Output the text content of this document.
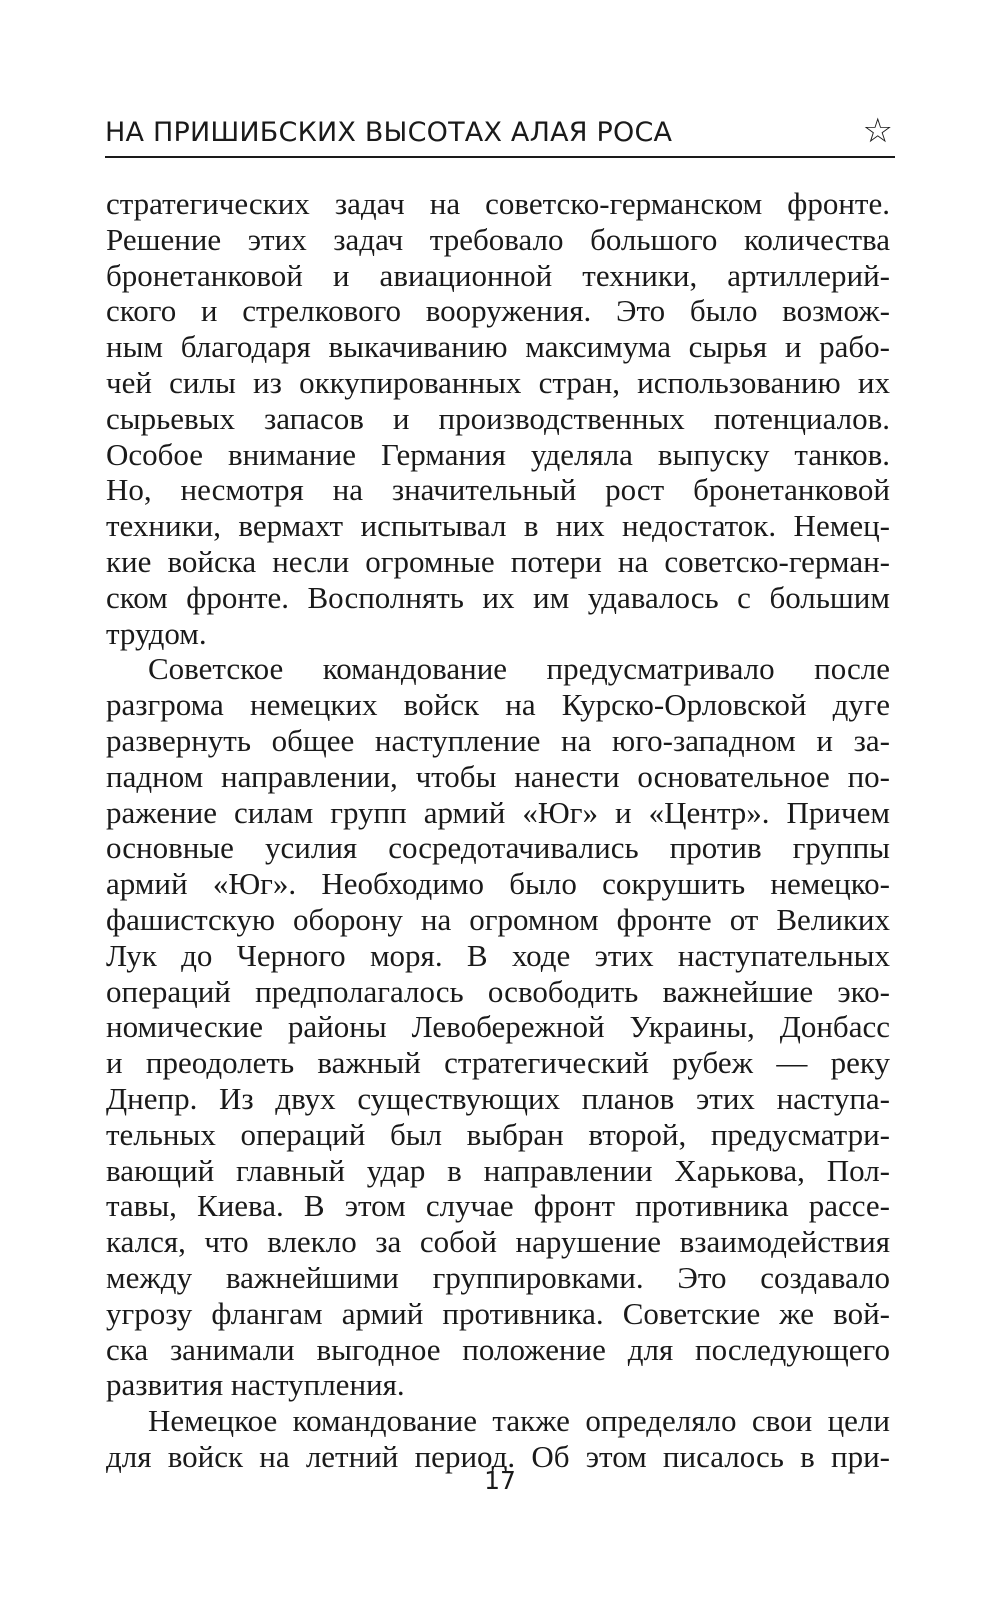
НА ПРИШИБСКИХ ВЫСОТАХ АЛАЯ РОСА	☆
стратегических задач на советско-германском фронте.
Решение этих задач требовало большого количества
бронетанковой и авиационной техники, артиллерий-
ского и стрелкового вооружения. Это было возмож-
ным благодаря выкачиванию максимума сырья и рабо-
чей силы из оккупированных стран, использованию их
сырьевых запасов и производственных потенциалов.
Особое внимание Германия уделяла выпуску танков.
Но, несмотря на значительный рост бронетанковой
техники, вермахт испытывал в них недостаток. Немец-
кие войска несли огромные потери на советско-герман-
ском фронте. Восполнять их им удавалось с большим
трудом.
Советское командование предусматривало после
разгрома немецких войск на Курско-Орловской дуге
развернуть общее наступление на юго-западном и за-
падном направлении, чтобы нанести основательное по-
ражение силам групп армий «Юг» и «Центр». Причем
основные усилия сосредотачивались против группы
армий «Юг». Необходимо было сокрушить немецко-
фашистскую оборону на огромном фронте от Великих
Лук до Черного моря. В ходе этих наступательных
операций предполагалось освободить важнейшие эко-
номические районы Левобережной Украины, Донбасс
и преодолеть важный стратегический рубеж — реку
Днепр. Из двух существующих планов этих наступа-
тельных операций был выбран второй, предусматри-
вающий главный удар в направлении Харькова, Пол-
тавы, Киева. В этом случае фронт противника рассе-
кался, что влекло за собой нарушение взаимодействия
между важнейшими группировками. Это создавало
угрозу флангам армий противника. Советские же вой-
ска занимали выгодное положение для последующего
развития наступления.
Немецкое командование также определяло свои цели
для войск на летний период. Об этом писалось в при-
17
